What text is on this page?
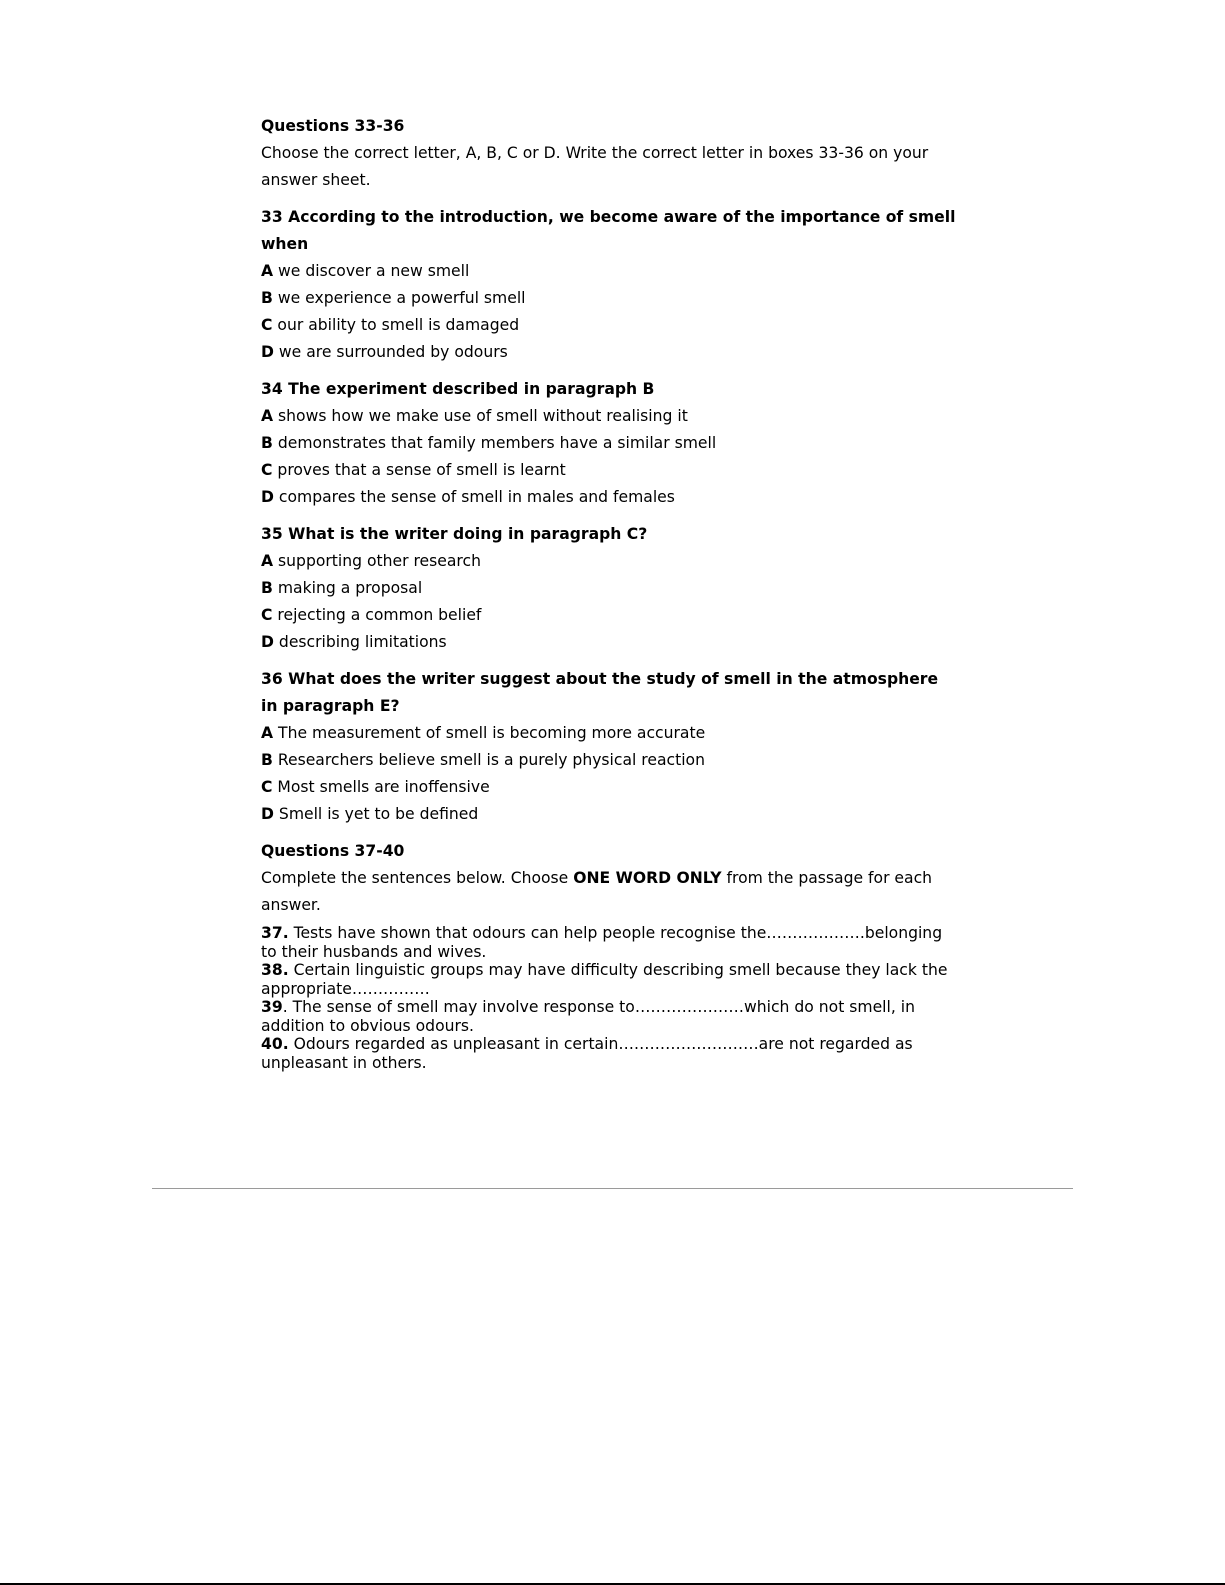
Questions 33-36
Choose the correct letter, A, B, C or D. Write the correct letter in boxes 33-36 on your
answer sheet.
33 According to the introduction, we become aware of the importance of smell
when
A we discover a new smell
B we experience a powerful smell
C our ability to smell is damaged
D we are surrounded by odours
34 The experiment described in paragraph B
A shows how we make use of smell without realising it
B demonstrates that family members have a similar smell
C proves that a sense of smell is learnt
D compares the sense of smell in males and females
35 What is the writer doing in paragraph C?
A supporting other research
B making a proposal
C rejecting a common belief
D describing limitations
36 What does the writer suggest about the study of smell in the atmosphere
in paragraph E?
A The measurement of smell is becoming more accurate
B Researchers believe smell is a purely physical reaction
C Most smells are inoffensive
D Smell is yet to be defined
Questions 37-40
Complete the sentences below. Choose ONE WORD ONLY from the passage for each
answer.
37. Tests have shown that odours can help people recognise the……………….belonging
to their husbands and wives.
38. Certain linguistic groups may have difficulty describing smell because they lack the
appropriate……………
39. The sense of smell may involve response to…………………which do not smell, in
addition to obvious odours.
40. Odours regarded as unpleasant in certain………………………are not regarded as
unpleasant in others.
